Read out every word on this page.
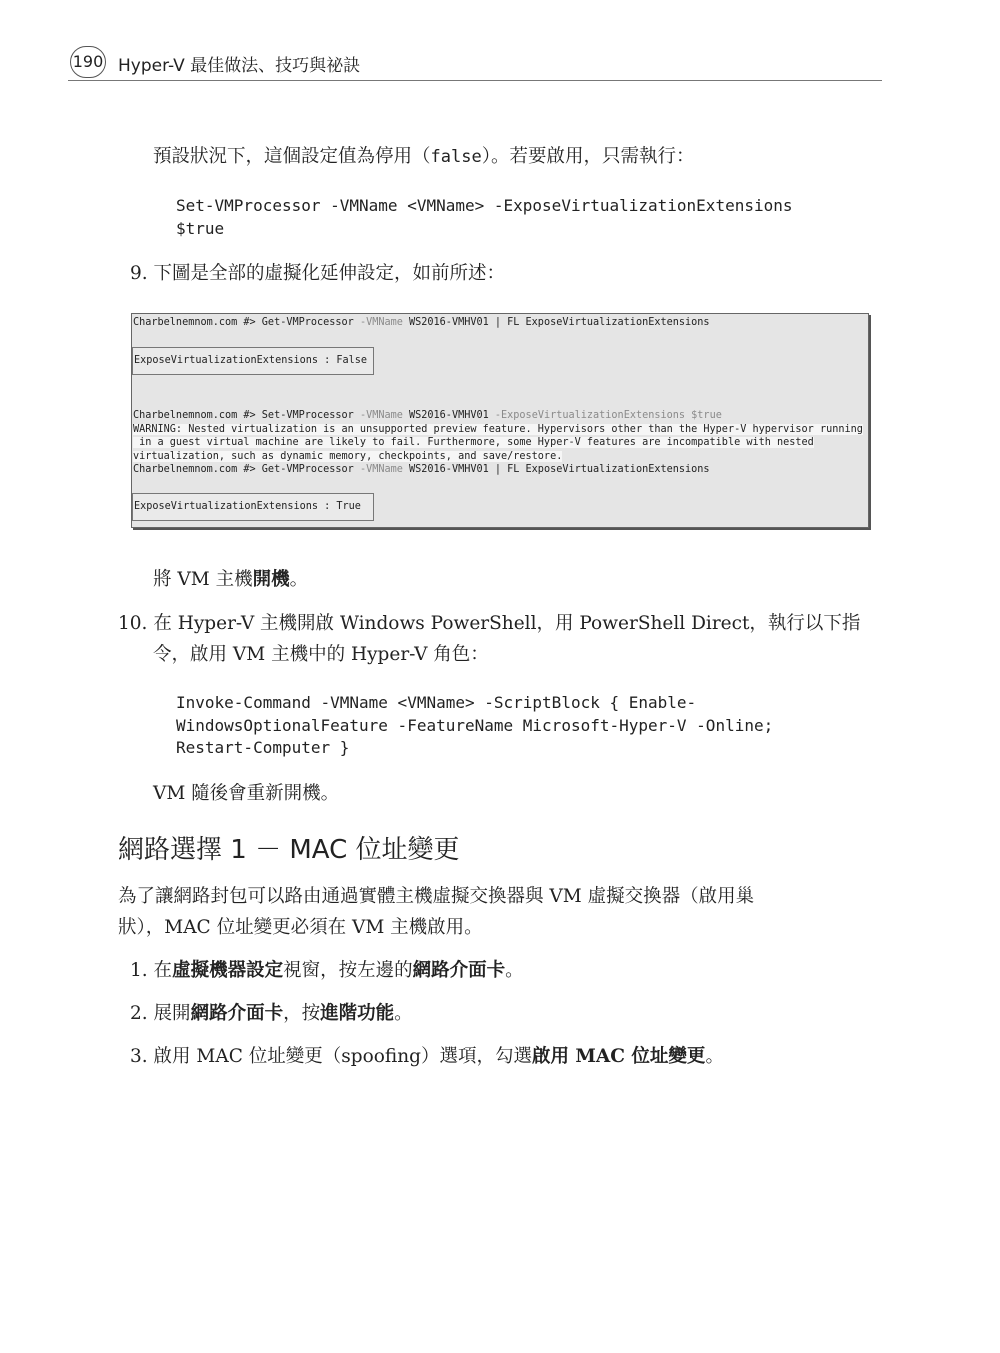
190 Hyper-V 最佳做法、技巧與祕訣
預設狀況下，這個設定值為停用（false）。若要啟用，只需執行：
Set-VMProcessor -VMName <VMName> -ExposeVirtualizationExtensions
$true
9. 下圖是全部的虛擬化延伸設定，如前所述：
Charbelnemnom.com #> Get-VMProcessor -VMName WS2016-VMHV01 | FL ExposeVirtualizationExtensions
ExposeVirtualizationExtensions : False
Charbelnemnom.com #> Set-VMProcessor -VMName WS2016-VMHV01 -ExposeVirtualizationExtensions $true
WARNING: Nested virtualization is an unsupported preview feature. Hypervisors other than the Hyper-V hypervisor running
in a guest virtual machine are likely to fail. Furthermore, some Hyper-V features are incompatible with nested
virtualization, such as dynamic memory, checkpoints, and save/restore.
Charbelnemnom.com #> Get-VMProcessor -VMName WS2016-VMHV01 | FL ExposeVirtualizationExtensions
ExposeVirtualizationExtensions : True
將 VM 主機開機。
10. 在 Hyper-V 主機開啟 Windows PowerShell，用 PowerShell Direct，執行以下指
令，啟用 VM 主機中的 Hyper-V 角色：
Invoke-Command -VMName <VMName> -ScriptBlock { Enable-
WindowsOptionalFeature -FeatureName Microsoft-Hyper-V -Online;
Restart-Computer }
VM 隨後會重新開機。
網路選擇 1 － MAC 位址變更
為了讓網路封包可以路由通過實體主機虛擬交換器與 VM 虛擬交換器（啟用巢
狀），MAC 位址變更必須在 VM 主機啟用。
1. 在虛擬機器設定視窗，按左邊的網路介面卡。
2. 展開網路介面卡，按進階功能。
3. 啟用 MAC 位址變更（spoofing）選項，勾選啟用 MAC 位址變更。
